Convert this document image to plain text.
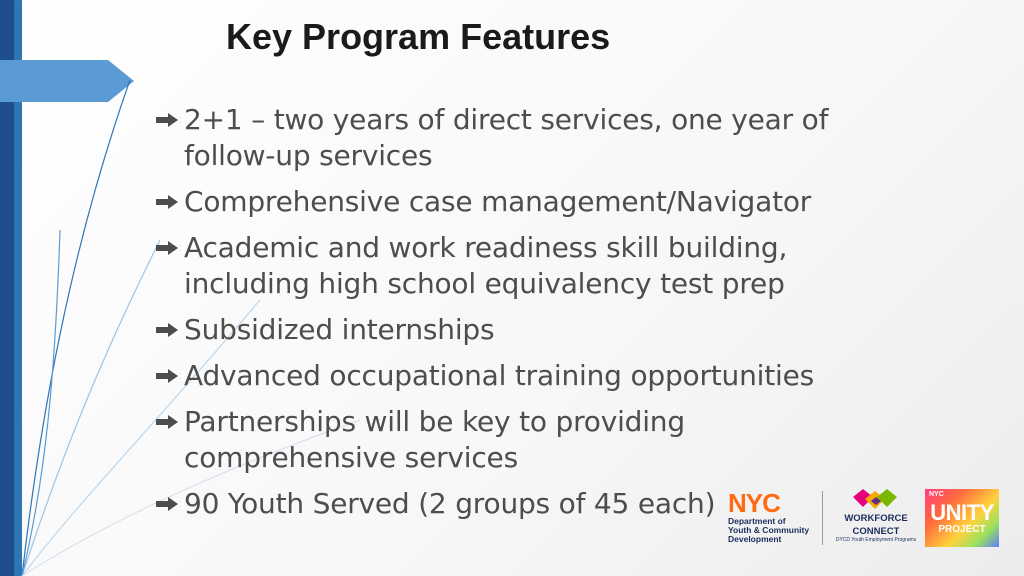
Key Program Features
2+1 – two years of direct services, one year of follow-up services
Comprehensive case management/Navigator
Academic and work readiness skill building, including high school equivalency test prep
Subsidized internships
Advanced occupational training opportunities
Partnerships will be key to providing comprehensive services
90 Youth Served (2 groups of 45 each) NYC
Department of
Youth & Community
Development
WORKFORCE
CONNECT
DYCD Youth Employment Programs
NYC
UNITY
PROJECT
